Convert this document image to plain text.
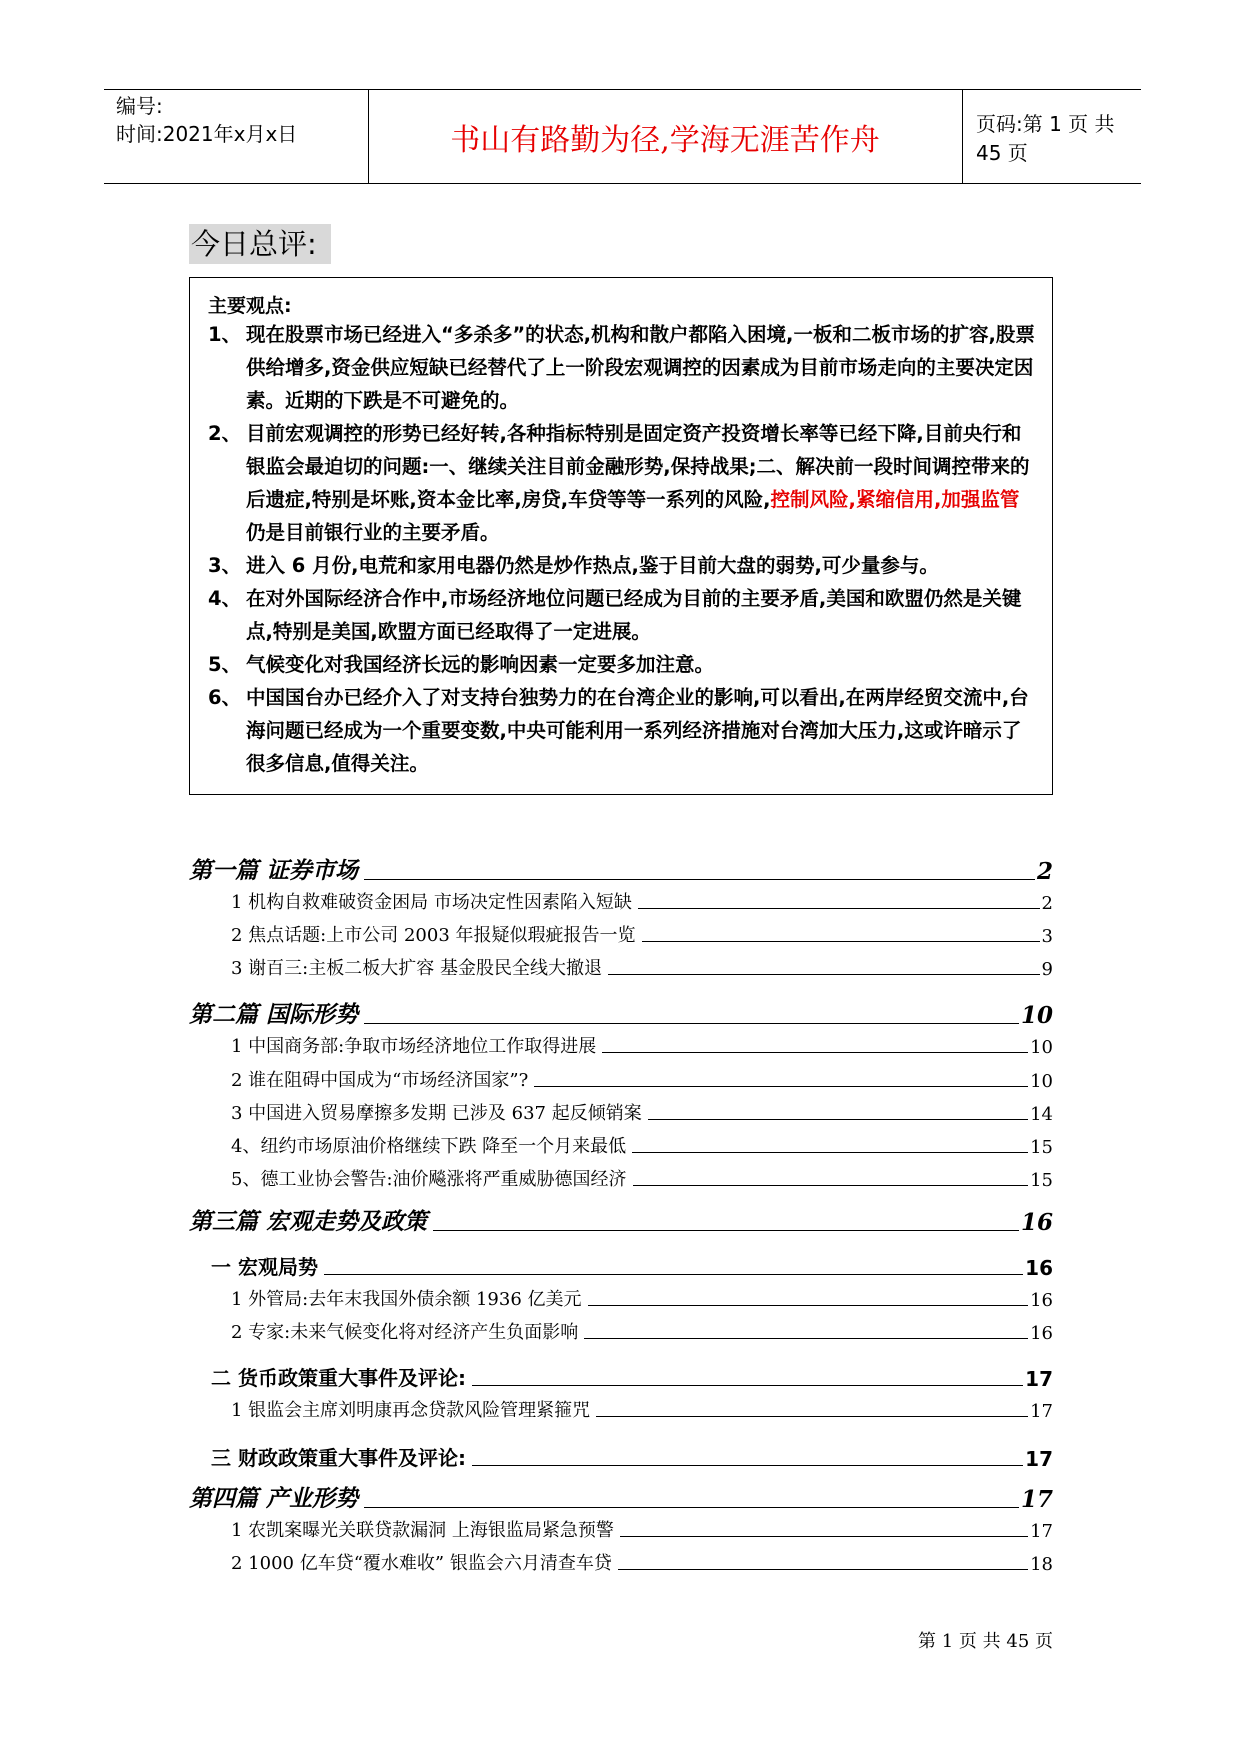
编号:
时间:2021年x月x日	书山有路勤为径,学海无涯苦作舟	页码:第 1 页 共 45 页
今日总评:
主要观点:
1、 现在股票市场已经进入“多杀多”的状态,机构和散户都陷入困境,一板和二板市场的扩容,股票供给增多,资金供应短缺已经替代了上一阶段宏观调控的因素成为目前市场走向的主要决定因素。近期的下跌是不可避免的。
2、 目前宏观调控的形势已经好转,各种指标特别是固定资产投资增长率等已经下降,目前央行和银监会最迫切的问题:一、继续关注目前金融形势,保持战果;二、解决前一段时间调控带来的后遗症,特别是坏账,资本金比率,房贷,车贷等等一系列的风险,控制风险,紧缩信用,加强监管仍是目前银行业的主要矛盾。
3、 进入 6 月份,电荒和家用电器仍然是炒作热点,鉴于目前大盘的弱势,可少量参与。
4、 在对外国际经济合作中,市场经济地位问题已经成为目前的主要矛盾,美国和欧盟仍然是关键点,特别是美国,欧盟方面已经取得了一定进展。
5、 气候变化对我国经济长远的影响因素一定要多加注意。
6、 中国国台办已经介入了对支持台独势力的在台湾企业的影响,可以看出,在两岸经贸交流中,台海问题已经成为一个重要变数,中央可能利用一系列经济措施对台湾加大压力,这或许暗示了很多信息,值得关注。
第一篇 证券市场	2
1 机构自救难破资金困局 市场决定性因素陷入短缺	2
2 焦点话题:上市公司 2003 年报疑似瑕疵报告一览	3
3 谢百三:主板二板大扩容 基金股民全线大撤退	9
第二篇 国际形势	10
1 中国商务部:争取市场经济地位工作取得进展	10
2 谁在阻碍中国成为“市场经济国家”?	10
3 中国进入贸易摩擦多发期 已涉及 637 起反倾销案	14
4、纽约市场原油价格继续下跌 降至一个月来最低	15
5、德工业协会警告:油价飚涨将严重威胁德国经济	15
第三篇 宏观走势及政策	16
一 宏观局势	16
1 外管局:去年末我国外债余额 1936 亿美元	16
2 专家:未来气候变化将对经济产生负面影响	16
二 货币政策重大事件及评论:	17
1 银监会主席刘明康再念贷款风险管理紧箍咒	17
三 财政政策重大事件及评论:	17
第四篇 产业形势	17
1 农凯案曝光关联贷款漏洞 上海银监局紧急预警	17
2 1000 亿车贷“覆水难收” 银监会六月清查车贷	18
第 1 页 共 45 页
